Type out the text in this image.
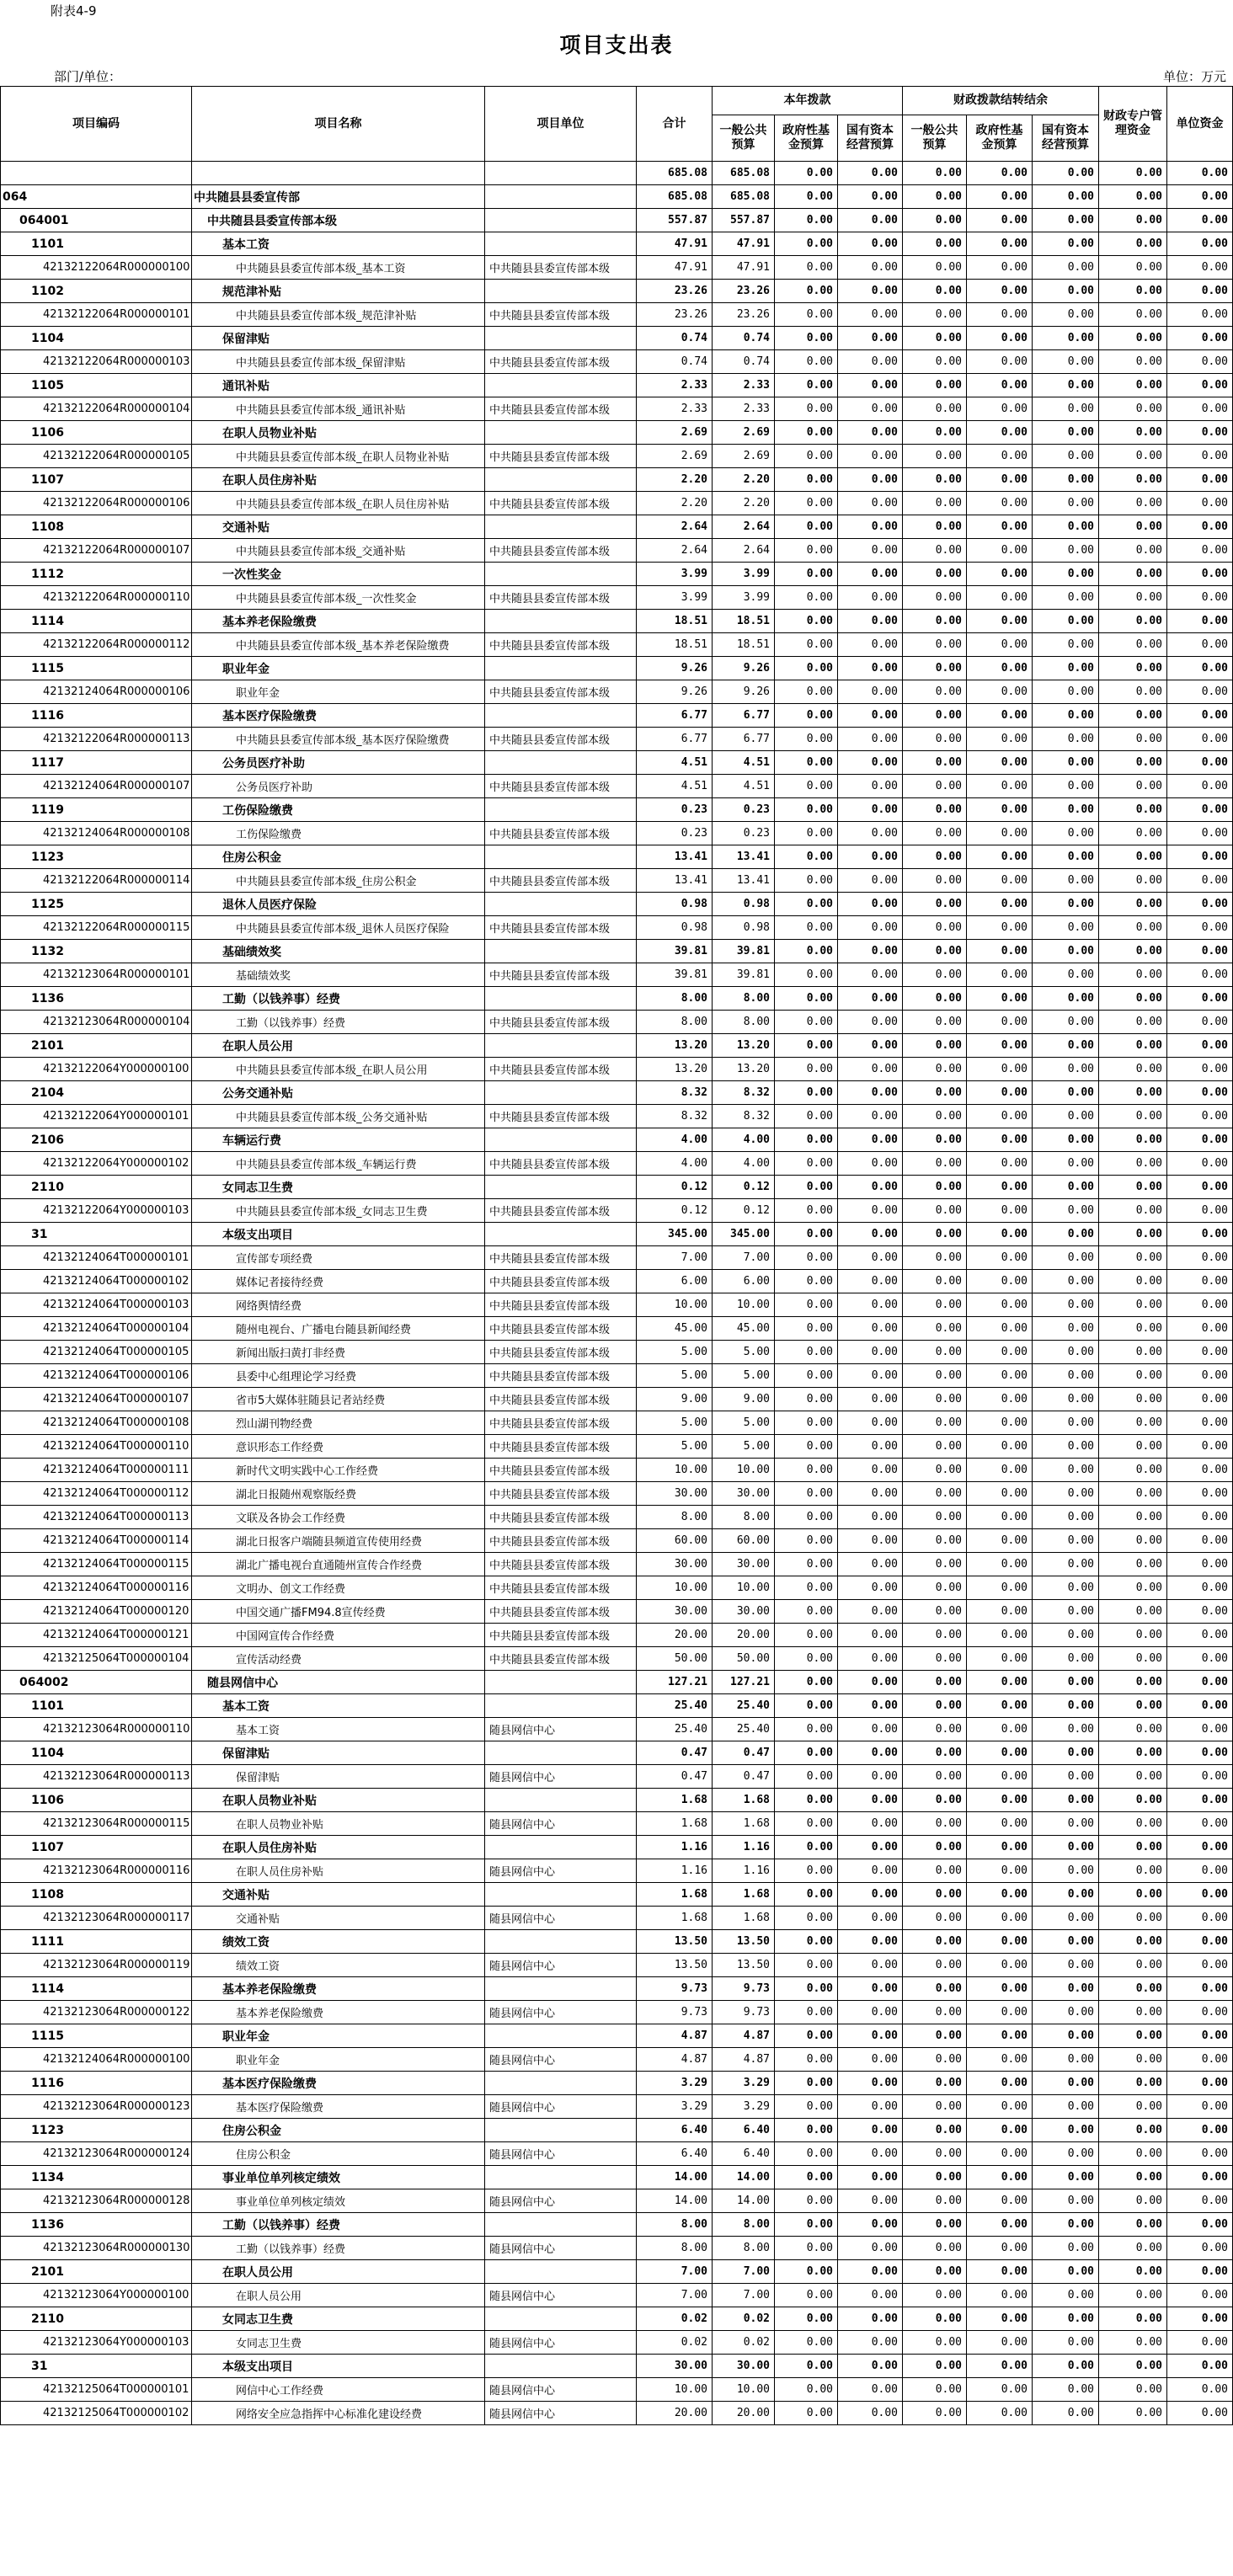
附表4-9
项目支出表
部门/单位：	单位：万元
项目编码	项目名称	项目单位	合计	本年拨款			财政拨款结转结余			财政专户管理资金	单位资金
				一般公共预算	政府性基金预算	国有资本经营预算	一般公共预算	政府性基金预算	国有资本经营预算		
			685.08	685.08	0.00	0.00	0.00	0.00	0.00	0.00	0.00
064	中共随县县委宣传部		685.08	685.08	0.00	0.00	0.00	0.00	0.00	0.00	0.00
064001	中共随县县委宣传部本级		557.87	557.87	0.00	0.00	0.00	0.00	0.00	0.00	0.00
1101	基本工资		47.91	47.91	0.00	0.00	0.00	0.00	0.00	0.00	0.00
42132122064R000000100	中共随县县委宣传部本级_基本工资	中共随县县委宣传部本级	47.91	47.91	0.00	0.00	0.00	0.00	0.00	0.00	0.00
1102	规范津补贴		23.26	23.26	0.00	0.00	0.00	0.00	0.00	0.00	0.00
42132122064R000000101	中共随县县委宣传部本级_规范津补贴	中共随县县委宣传部本级	23.26	23.26	0.00	0.00	0.00	0.00	0.00	0.00	0.00
1104	保留津贴		0.74	0.74	0.00	0.00	0.00	0.00	0.00	0.00	0.00
42132122064R000000103	中共随县县委宣传部本级_保留津贴	中共随县县委宣传部本级	0.74	0.74	0.00	0.00	0.00	0.00	0.00	0.00	0.00
1105	通讯补贴		2.33	2.33	0.00	0.00	0.00	0.00	0.00	0.00	0.00
42132122064R000000104	中共随县县委宣传部本级_通讯补贴	中共随县县委宣传部本级	2.33	2.33	0.00	0.00	0.00	0.00	0.00	0.00	0.00
1106	在职人员物业补贴		2.69	2.69	0.00	0.00	0.00	0.00	0.00	0.00	0.00
42132122064R000000105	中共随县县委宣传部本级_在职人员物业补贴	中共随县县委宣传部本级	2.69	2.69	0.00	0.00	0.00	0.00	0.00	0.00	0.00
1107	在职人员住房补贴		2.20	2.20	0.00	0.00	0.00	0.00	0.00	0.00	0.00
42132122064R000000106	中共随县县委宣传部本级_在职人员住房补贴	中共随县县委宣传部本级	2.20	2.20	0.00	0.00	0.00	0.00	0.00	0.00	0.00
1108	交通补贴		2.64	2.64	0.00	0.00	0.00	0.00	0.00	0.00	0.00
42132122064R000000107	中共随县县委宣传部本级_交通补贴	中共随县县委宣传部本级	2.64	2.64	0.00	0.00	0.00	0.00	0.00	0.00	0.00
1112	一次性奖金		3.99	3.99	0.00	0.00	0.00	0.00	0.00	0.00	0.00
42132122064R000000110	中共随县县委宣传部本级_一次性奖金	中共随县县委宣传部本级	3.99	3.99	0.00	0.00	0.00	0.00	0.00	0.00	0.00
1114	基本养老保险缴费		18.51	18.51	0.00	0.00	0.00	0.00	0.00	0.00	0.00
42132122064R000000112	中共随县县委宣传部本级_基本养老保险缴费	中共随县县委宣传部本级	18.51	18.51	0.00	0.00	0.00	0.00	0.00	0.00	0.00
1115	职业年金		9.26	9.26	0.00	0.00	0.00	0.00	0.00	0.00	0.00
42132124064R000000106	职业年金	中共随县县委宣传部本级	9.26	9.26	0.00	0.00	0.00	0.00	0.00	0.00	0.00
1116	基本医疗保险缴费		6.77	6.77	0.00	0.00	0.00	0.00	0.00	0.00	0.00
42132122064R000000113	中共随县县委宣传部本级_基本医疗保险缴费	中共随县县委宣传部本级	6.77	6.77	0.00	0.00	0.00	0.00	0.00	0.00	0.00
1117	公务员医疗补助		4.51	4.51	0.00	0.00	0.00	0.00	0.00	0.00	0.00
42132124064R000000107	公务员医疗补助	中共随县县委宣传部本级	4.51	4.51	0.00	0.00	0.00	0.00	0.00	0.00	0.00
1119	工伤保险缴费		0.23	0.23	0.00	0.00	0.00	0.00	0.00	0.00	0.00
42132124064R000000108	工伤保险缴费	中共随县县委宣传部本级	0.23	0.23	0.00	0.00	0.00	0.00	0.00	0.00	0.00
1123	住房公积金		13.41	13.41	0.00	0.00	0.00	0.00	0.00	0.00	0.00
42132122064R000000114	中共随县县委宣传部本级_住房公积金	中共随县县委宣传部本级	13.41	13.41	0.00	0.00	0.00	0.00	0.00	0.00	0.00
1125	退休人员医疗保险		0.98	0.98	0.00	0.00	0.00	0.00	0.00	0.00	0.00
42132122064R000000115	中共随县县委宣传部本级_退休人员医疗保险	中共随县县委宣传部本级	0.98	0.98	0.00	0.00	0.00	0.00	0.00	0.00	0.00
1132	基础绩效奖		39.81	39.81	0.00	0.00	0.00	0.00	0.00	0.00	0.00
42132123064R000000101	基础绩效奖	中共随县县委宣传部本级	39.81	39.81	0.00	0.00	0.00	0.00	0.00	0.00	0.00
1136	工勤（以钱养事）经费		8.00	8.00	0.00	0.00	0.00	0.00	0.00	0.00	0.00
42132123064R000000104	工勤（以钱养事）经费	中共随县县委宣传部本级	8.00	8.00	0.00	0.00	0.00	0.00	0.00	0.00	0.00
2101	在职人员公用		13.20	13.20	0.00	0.00	0.00	0.00	0.00	0.00	0.00
42132122064Y000000100	中共随县县委宣传部本级_在职人员公用	中共随县县委宣传部本级	13.20	13.20	0.00	0.00	0.00	0.00	0.00	0.00	0.00
2104	公务交通补贴		8.32	8.32	0.00	0.00	0.00	0.00	0.00	0.00	0.00
42132122064Y000000101	中共随县县委宣传部本级_公务交通补贴	中共随县县委宣传部本级	8.32	8.32	0.00	0.00	0.00	0.00	0.00	0.00	0.00
2106	车辆运行费		4.00	4.00	0.00	0.00	0.00	0.00	0.00	0.00	0.00
42132122064Y000000102	中共随县县委宣传部本级_车辆运行费	中共随县县委宣传部本级	4.00	4.00	0.00	0.00	0.00	0.00	0.00	0.00	0.00
2110	女同志卫生费		0.12	0.12	0.00	0.00	0.00	0.00	0.00	0.00	0.00
42132122064Y000000103	中共随县县委宣传部本级_女同志卫生费	中共随县县委宣传部本级	0.12	0.12	0.00	0.00	0.00	0.00	0.00	0.00	0.00
31	本级支出项目		345.00	345.00	0.00	0.00	0.00	0.00	0.00	0.00	0.00
42132124064T000000101	宣传部专项经费	中共随县县委宣传部本级	7.00	7.00	0.00	0.00	0.00	0.00	0.00	0.00	0.00
42132124064T000000102	媒体记者接待经费	中共随县县委宣传部本级	6.00	6.00	0.00	0.00	0.00	0.00	0.00	0.00	0.00
42132124064T000000103	网络舆情经费	中共随县县委宣传部本级	10.00	10.00	0.00	0.00	0.00	0.00	0.00	0.00	0.00
42132124064T000000104	随州电视台、广播电台随县新闻经费	中共随县县委宣传部本级	45.00	45.00	0.00	0.00	0.00	0.00	0.00	0.00	0.00
42132124064T000000105	新闻出版扫黄打非经费	中共随县县委宣传部本级	5.00	5.00	0.00	0.00	0.00	0.00	0.00	0.00	0.00
42132124064T000000106	县委中心组理论学习经费	中共随县县委宣传部本级	5.00	5.00	0.00	0.00	0.00	0.00	0.00	0.00	0.00
42132124064T000000107	省市5大媒体驻随县记者站经费	中共随县县委宣传部本级	9.00	9.00	0.00	0.00	0.00	0.00	0.00	0.00	0.00
42132124064T000000108	烈山湖刊物经费	中共随县县委宣传部本级	5.00	5.00	0.00	0.00	0.00	0.00	0.00	0.00	0.00
42132124064T000000110	意识形态工作经费	中共随县县委宣传部本级	5.00	5.00	0.00	0.00	0.00	0.00	0.00	0.00	0.00
42132124064T000000111	新时代文明实践中心工作经费	中共随县县委宣传部本级	10.00	10.00	0.00	0.00	0.00	0.00	0.00	0.00	0.00
42132124064T000000112	湖北日报随州观察版经费	中共随县县委宣传部本级	30.00	30.00	0.00	0.00	0.00	0.00	0.00	0.00	0.00
42132124064T000000113	文联及各协会工作经费	中共随县县委宣传部本级	8.00	8.00	0.00	0.00	0.00	0.00	0.00	0.00	0.00
42132124064T000000114	湖北日报客户端随县频道宣传使用经费	中共随县县委宣传部本级	60.00	60.00	0.00	0.00	0.00	0.00	0.00	0.00	0.00
42132124064T000000115	湖北广播电视台直通随州宣传合作经费	中共随县县委宣传部本级	30.00	30.00	0.00	0.00	0.00	0.00	0.00	0.00	0.00
42132124064T000000116	文明办、创文工作经费	中共随县县委宣传部本级	10.00	10.00	0.00	0.00	0.00	0.00	0.00	0.00	0.00
42132124064T000000120	中国交通广播FM94.8宣传经费	中共随县县委宣传部本级	30.00	30.00	0.00	0.00	0.00	0.00	0.00	0.00	0.00
42132124064T000000121	中国网宣传合作经费	中共随县县委宣传部本级	20.00	20.00	0.00	0.00	0.00	0.00	0.00	0.00	0.00
42132125064T000000104	宣传活动经费	中共随县县委宣传部本级	50.00	50.00	0.00	0.00	0.00	0.00	0.00	0.00	0.00
064002	随县网信中心		127.21	127.21	0.00	0.00	0.00	0.00	0.00	0.00	0.00
1101	基本工资		25.40	25.40	0.00	0.00	0.00	0.00	0.00	0.00	0.00
42132123064R000000110	基本工资	随县网信中心	25.40	25.40	0.00	0.00	0.00	0.00	0.00	0.00	0.00
1104	保留津贴		0.47	0.47	0.00	0.00	0.00	0.00	0.00	0.00	0.00
42132123064R000000113	保留津贴	随县网信中心	0.47	0.47	0.00	0.00	0.00	0.00	0.00	0.00	0.00
1106	在职人员物业补贴		1.68	1.68	0.00	0.00	0.00	0.00	0.00	0.00	0.00
42132123064R000000115	在职人员物业补贴	随县网信中心	1.68	1.68	0.00	0.00	0.00	0.00	0.00	0.00	0.00
1107	在职人员住房补贴		1.16	1.16	0.00	0.00	0.00	0.00	0.00	0.00	0.00
42132123064R000000116	在职人员住房补贴	随县网信中心	1.16	1.16	0.00	0.00	0.00	0.00	0.00	0.00	0.00
1108	交通补贴		1.68	1.68	0.00	0.00	0.00	0.00	0.00	0.00	0.00
42132123064R000000117	交通补贴	随县网信中心	1.68	1.68	0.00	0.00	0.00	0.00	0.00	0.00	0.00
1111	绩效工资		13.50	13.50	0.00	0.00	0.00	0.00	0.00	0.00	0.00
42132123064R000000119	绩效工资	随县网信中心	13.50	13.50	0.00	0.00	0.00	0.00	0.00	0.00	0.00
1114	基本养老保险缴费		9.73	9.73	0.00	0.00	0.00	0.00	0.00	0.00	0.00
42132123064R000000122	基本养老保险缴费	随县网信中心	9.73	9.73	0.00	0.00	0.00	0.00	0.00	0.00	0.00
1115	职业年金		4.87	4.87	0.00	0.00	0.00	0.00	0.00	0.00	0.00
42132124064R000000100	职业年金	随县网信中心	4.87	4.87	0.00	0.00	0.00	0.00	0.00	0.00	0.00
1116	基本医疗保险缴费		3.29	3.29	0.00	0.00	0.00	0.00	0.00	0.00	0.00
42132123064R000000123	基本医疗保险缴费	随县网信中心	3.29	3.29	0.00	0.00	0.00	0.00	0.00	0.00	0.00
1123	住房公积金		6.40	6.40	0.00	0.00	0.00	0.00	0.00	0.00	0.00
42132123064R000000124	住房公积金	随县网信中心	6.40	6.40	0.00	0.00	0.00	0.00	0.00	0.00	0.00
1134	事业单位单列核定绩效		14.00	14.00	0.00	0.00	0.00	0.00	0.00	0.00	0.00
42132123064R000000128	事业单位单列核定绩效	随县网信中心	14.00	14.00	0.00	0.00	0.00	0.00	0.00	0.00	0.00
1136	工勤（以钱养事）经费		8.00	8.00	0.00	0.00	0.00	0.00	0.00	0.00	0.00
42132123064R000000130	工勤（以钱养事）经费	随县网信中心	8.00	8.00	0.00	0.00	0.00	0.00	0.00	0.00	0.00
2101	在职人员公用		7.00	7.00	0.00	0.00	0.00	0.00	0.00	0.00	0.00
42132123064Y000000100	在职人员公用	随县网信中心	7.00	7.00	0.00	0.00	0.00	0.00	0.00	0.00	0.00
2110	女同志卫生费		0.02	0.02	0.00	0.00	0.00	0.00	0.00	0.00	0.00
42132123064Y000000103	女同志卫生费	随县网信中心	0.02	0.02	0.00	0.00	0.00	0.00	0.00	0.00	0.00
31	本级支出项目		30.00	30.00	0.00	0.00	0.00	0.00	0.00	0.00	0.00
42132125064T000000101	网信中心工作经费	随县网信中心	10.00	10.00	0.00	0.00	0.00	0.00	0.00	0.00	0.00
42132125064T000000102	网络安全应急指挥中心标准化建设经费	随县网信中心	20.00	20.00	0.00	0.00	0.00	0.00	0.00	0.00	0.00
